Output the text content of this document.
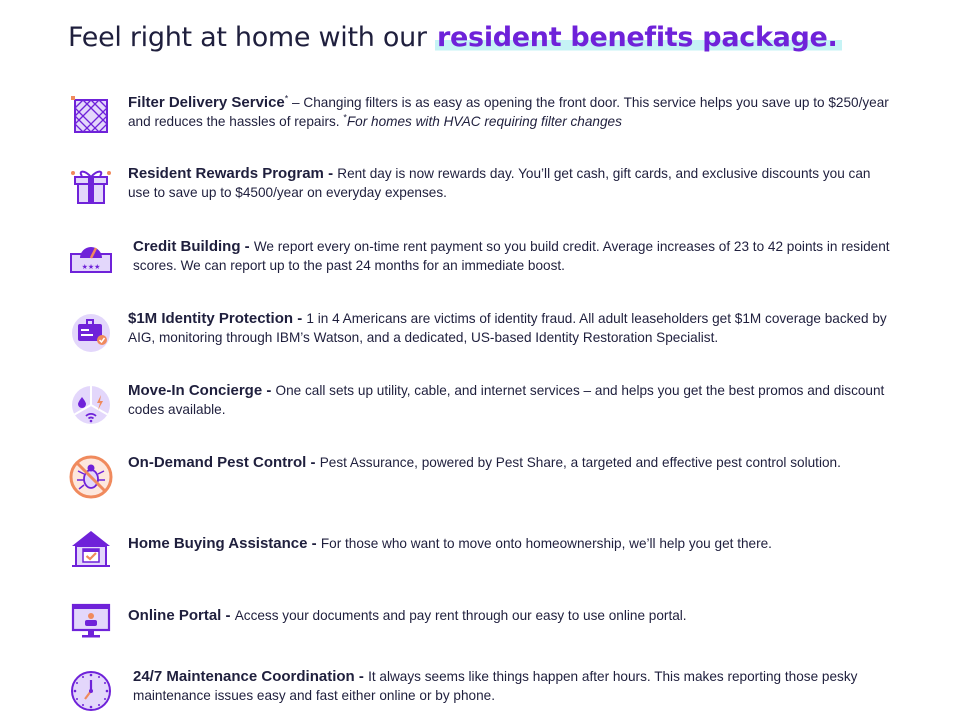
Feel right at home with our resident benefits package.
Filter Delivery Service* – Changing filters is as easy as opening the front door. This service helps you save up to $250/year and reduces the hassles of repairs. *For homes with HVAC requiring filter changes
Resident Rewards Program - Rent day is now rewards day. You’ll get cash, gift cards, and exclusive discounts you can use to save up to $4500/year on everyday expenses.
★★★
Credit Building - We report every on-time rent payment so you build credit. Average increases of 23 to 42 points in resident scores. We can report up to the past 24 months for an immediate boost.
$1M Identity Protection - 1 in 4 Americans are victims of identity fraud. All adult leaseholders get $1M coverage backed by AIG, monitoring through IBM’s Watson, and a dedicated, US-based Identity Restoration Specialist.
Move-In Concierge - One call sets up utility, cable, and internet services – and helps you get the best promos and discount codes available.
On-Demand Pest Control - Pest Assurance, powered by Pest Share, a targeted and effective pest control solution.
Home Buying Assistance - For those who want to move onto homeownership, we’ll help you get there.
Online Portal - Access your documents and pay rent through our easy to use online portal.
24/7 Maintenance Coordination - It always seems like things happen after hours. This makes reporting those pesky maintenance issues easy and fast either online or by phone.
